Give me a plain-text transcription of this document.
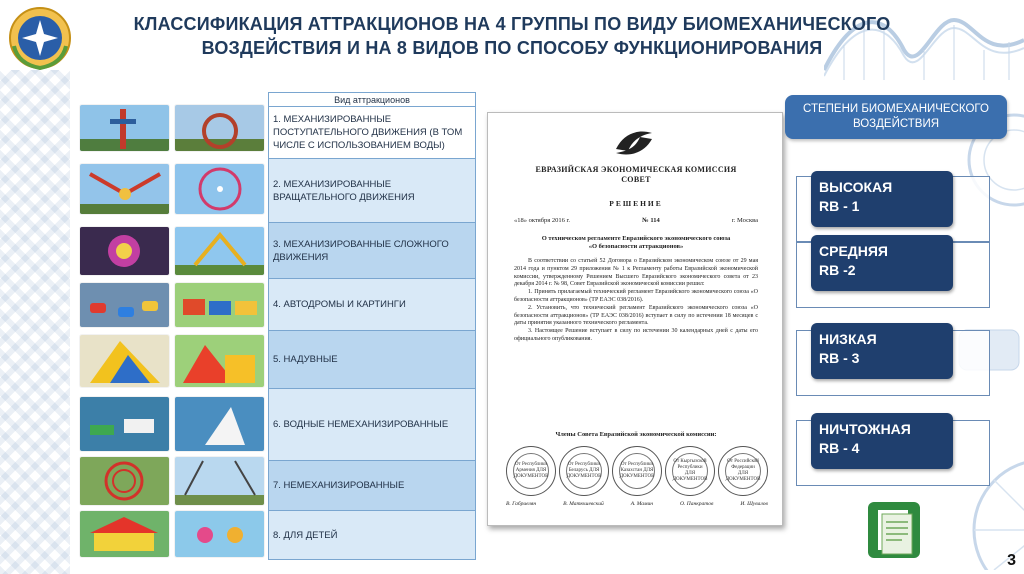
КЛАССИФИКАЦИЯ АТТРАКЦИОНОВ НА 4 ГРУППЫ ПО ВИДУ БИОМЕХАНИЧЕСКОГО
ВОЗДЕЙСТВИЯ И НА 8 ВИДОВ ПО СПОСОБУ ФУНКЦИОНИРОВАНИЯ
Вид аттракционов
1. МЕХАНИЗИРОВАННЫЕ ПОСТУПАТЕЛЬНОГО ДВИЖЕНИЯ (В ТОМ ЧИСЛЕ С ИСПОЛЬЗОВАНИЕМ ВОДЫ)
2. МЕХАНИЗИРОВАННЫЕ ВРАЩАТЕЛЬНОГО ДВИЖЕНИЯ
3. МЕХАНИЗИРОВАННЫЕ СЛОЖНОГО ДВИЖЕНИЯ
4. АВТОДРОМЫ И КАРТИНГИ
5. НАДУВНЫЕ
6. ВОДНЫЕ НЕМЕХАНИЗИРОВАННЫЕ
7. НЕМЕХАНИЗИРОВАННЫЕ
8. ДЛЯ ДЕТЕЙ
ЕВРАЗИЙСКАЯ ЭКОНОМИЧЕСКАЯ КОМИССИЯ
СОВЕТ
РЕШЕНИЕ
«18» октября 2016 г.	№ 114	г. Москва
О техническом регламенте Евразийского экономического союза
«О безопасности аттракционов»

В соответствии со статьей 52 Договора о Евразийском экономическом союзе от 29 мая 2014 года и пунктом 29 приложения № 1 к Регламенту работы Евразийской экономической комиссии, утвержденному Решением Высшего Евразийского экономического совета от 23 декабря 2014 г. № 98, Совет Евразийской экономической комиссии решил:

1. Принять прилагаемый технический регламент Евразийского экономического союза «О безопасности аттракционов» (ТР ЕАЭС 038/2016).

2. Установить, что технический регламент Евразийского экономического союза «О безопасности аттракционов» (ТР ЕАЭС 038/2016) вступает в силу по истечении 18 месяцев с даты принятия указанного технического регламента.

3. Настоящее Решение вступает в силу по истечении 30 календарных дней с даты его официального опубликования.

Члены Совета Евразийской экономической комиссии:
От Республики Армения ДЛЯ ДОКУМЕНТОВ
От Республики Беларусь ДЛЯ ДОКУМЕНТОВ
От Республики Казахстан ДЛЯ ДОКУМЕНТОВ
От Кыргызской Республики ДЛЯ ДОКУМЕНТОВ
От Российской Федерации ДЛЯ ДОКУМЕНТОВ
В. Габриелян	В. Матюшевский	А. Мамин	О. Панкратов	И. Шувалов
СТЕПЕНИ БИОМЕХАНИЧЕСКОГО ВОЗДЕЙСТВИЯ
ВЫСОКАЯ
RB - 1
СРЕДНЯЯ
RB -2
НИЗКАЯ
RB - 3
НИЧТОЖНАЯ
RB - 4
3
